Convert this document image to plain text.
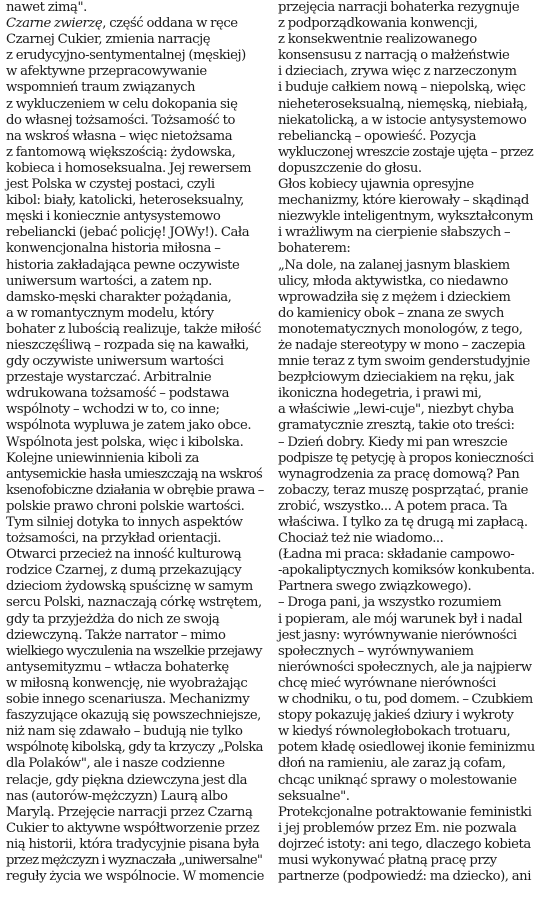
nawet zimą".
Czarne zwierzę, część oddana w ręce
Czarnej Cukier, zmienia narrację
z erudycyjno-sentymentalnej (męskiej)
w afektywne przepracowywanie
wspomnień traum związanych
z wykluczeniem w celu dokopania się
do własnej tożsamości. Tożsamość to
na wskroś własna – więc nietożsama
z fantomową większością: żydowska,
kobieca i homoseksualna. Jej rewersem
jest Polska w czystej postaci, czyli
kibol: biały, katolicki, heteroseksualny,
męski i koniecznie antysystemowo
rebeliancki (jebać policję! JOWy!). Cała
konwencjonalna historia miłosna –
historia zakładająca pewne oczywiste
uniwersum wartości, a zatem np.
damsko-męski charakter pożądania,
a w romantycznym modelu, który
bohater z lubością realizuje, także miłość
nieszczęśliwą – rozpada się na kawałki,
gdy oczywiste uniwersum wartości
przestaje wystarczać. Arbitralnie
wdrukowana tożsamość – podstawa
wspólnoty – wchodzi w to, co inne;
wspólnota wypluwa je zatem jako obce.
Wspólnota jest polska, więc i kibolska.
Kolejne uniewinnienia kiboli za
antysemickie hasła umieszczają na wskroś
ksenofobiczne działania w obrębie prawa –
polskie prawo chroni polskie wartości.
Tym silniej dotyka to innych aspektów
tożsamości, na przykład orientacji.
Otwarci przecież na inność kulturową
rodzice Czarnej, z dumą przekazujący
dzieciom żydowską spuściznę w samym
sercu Polski, naznaczają córkę wstrętem,
gdy ta przyjeżdża do nich ze swoją
dziewczyną. Także narrator – mimo
wielkiego wyczulenia na wszelkie przejawy
antysemityzmu – wtłacza bohaterkę
w miłosną konwencję, nie wyobrażając
sobie innego scenariusza. Mechanizmy
faszyzujące okazują się powszechniejsze,
niż nam się zdawało – budują nie tylko
wspólnotę kibolską, gdy ta krzyczy „Polska
dla Polaków", ale i nasze codzienne
relacje, gdy piękna dziewczyna jest dla
nas (autorów-mężczyzn) Laurą albo
Marylą. Przejęcie narracji przez Czarną
Cukier to aktywne współtworzenie przez
nią historii, która tradycyjnie pisana była
przez mężczyzn i wyznaczała „uniwersalne"
reguły życia we wspólnocie. W momencie
przejęcia narracji bohaterka rezygnuje
z podporządkowania konwencji,
z konsekwentnie realizowanego
konsensusu z narracją o małżeństwie
i dzieciach, zrywa więc z narzeczonym
i buduje całkiem nową – niepolską, więc
nieheteroseksualną, niemęską, niebiałą,
niekatolicką, a w istocie antysystemowo
rebeliancką – opowieść. Pozycja
wykluczonej wreszcie zostaje ujęta – przez
dopuszczenie do głosu.
Głos kobiecy ujawnia opresyjne
mechanizmy, które kierowały – skądinąd
niezwykle inteligentnym, wykształconym
i wrażliwym na cierpienie słabszych –
bohaterem:
„Na dole, na zalanej jasnym blaskiem
ulicy, młoda aktywistka, co niedawno
wprowadziła się z mężem i dzieckiem
do kamienicy obok – znana ze swych
monotematycznych monologów, z tego,
że nadaje stereotypy w mono – zaczepia
mnie teraz z tym swoim genderstudyjnie
bezpłciowym dzieciakiem na ręku, jak
ikoniczna hodegetria, i prawi mi,
a właściwie „lewi-cuje", niezbyt chyba
gramatycznie zresztą, takie oto treści:
– Dzień dobry. Kiedy mi pan wreszcie
podpisze tę petycję à propos konieczności
wynagrodzenia za pracę domową? Pan
zobaczy, teraz muszę posprzątać, pranie
zrobić, wszystko... A potem praca. Ta
właściwa. I tylko za tę drugą mi zapłacą.
Chociaż też nie wiadomo...
(Ładna mi praca: składanie campowo-
-apokaliptycznych komiksów konkubenta.
Partnera swego związkowego).
– Droga pani, ja wszystko rozumiem
i popieram, ale mój warunek był i nadal
jest jasny: wyrównywanie nierówności
społecznych – wyrównywaniem
nierówności społecznych, ale ja najpierw
chcę mieć wyrównane nierówności
w chodniku, o tu, pod domem. – Czubkiem
stopy pokazuję jakieś dziury i wykroty
w kiedyś równoległobokach trotuaru,
potem kładę osiedlowej ikonie feminizmu
dłoń na ramieniu, ale zaraz ją cofam,
chcąc uniknąć sprawy o molestowanie
seksualne".
Protekcjonalne potraktowanie feministki
i jej problemów przez Em. nie pozwala
dojrzeć istoty: ani tego, dlaczego kobieta
musi wykonywać płatną pracę przy
partnerze (podpowiedź: ma dziecko), ani
